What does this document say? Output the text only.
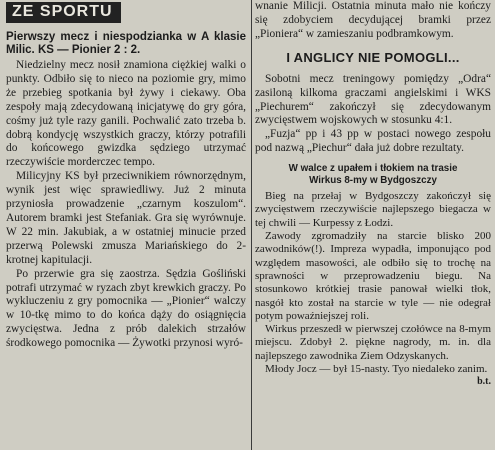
ZE SPORTU
Pierwszy mecz i niespodzianka w A klasie Milic. KS — Pionier 2 : 2.

Niedzielny mecz nosił znamiona ciężkiej walki o punkty. Odbiło się to nieco na poziomie gry, mimo że przebieg spotkania był żywy i ciekawy. Oba zespoły mają zdecydowaną inicjatywę do gry góra, cośmy już tyle razy ganili. Pochwalić zato trzeba b. dobrą kondycję wszystkich graczy, którzy potrafili do końcowego gwizdka sędziego utrzymać rzeczywiście morderczec tempo.

Milicyjny KS był przeciwnikiem równorzędnym, wynik jest więc sprawiedliwy. Już 2 minuta przyniosła prowadzenie „czarnym koszulom“. Autorem bramki jest Stefaniak. Gra się wyrównuje. W 22 min. Jakubiak, a w ostatniej minucie przed przerwą Polewski zmusza Mariańskiego do 2-krotnej kapitulacji.

Po przerwie gra się zaostrza. Sędzia Gośliński potrafi utrzymać w ryzach zbyt krewkich graczy. Po wykluczeniu z gry pomocnika — „Pionier“ walczy w 10-tkę mimo to do końca dąży do osiągnięcia zwycięstwa. Jedna z prób dalekich strzałów środkowego pomocnika — Żywotki przynosi wyró-

wnanie Milicji. Ostatnia minuta mało nie kończy się zdobyciem decydującej bramki przez „Pioniera“ w zamieszaniu podbramkowym.

I ANGLICY NIE POMOGLI...

Sobotni mecz treningowy pomiędzy „Odra“ zasiloną kilkoma graczami angielskimi i WKS „Piechurem“ zakończył się zdecydowanym zwycięstwem wojskowych w stosunku 4:1.

„Fuzja“ pp i 43 pp w postaci nowego zespołu pod nazwą „Piechur“ dała już dobre rezultaty.

W walce z upałem i tłokiem na trasie
Wirkus 8-my w Bydgoszczy

Bieg na przełaj w Bydgoszczy zakończył się zwycięstwem rzeczywiście najlepszego biegacza w tej chwili — Kurpessy z Łodzi.

Zawody zgromadziły na starcie blisko 200 zawodników(!). Impreza wypadła, imponująco pod względem masowości, ale odbiło się to trochę na sprawności w przeprowadzeniu biegu. Na stosunkowo krótkiej trasie panował wielki tłok, nasgół kto został na starcie w tyle — nie odegrał potym powaźniejszej roli.

Wirkus przeszedł w pierwszej czołówce na 8-mym miejscu. Zdobył 2. piękne nagrody, m. in. dla najlepszego zawodnika Ziem Odzyskanych.

Młody Jocz — był 15-nasty. Tyo niedaleko zanim.

b.t.
